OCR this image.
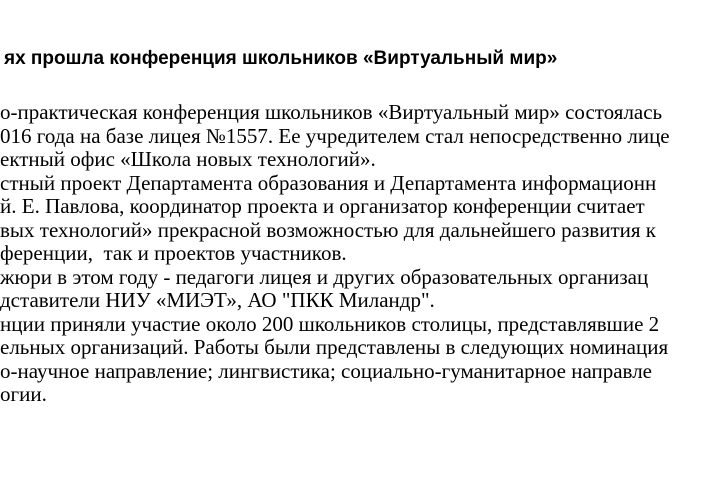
ях прошла конференция школьников «Виртуальный мир»
о-практическая конференция школьников «Виртуальный мир» состоялась
016 года на базе лицея №1557. Ее учредителем стал непосредственно лице
ектный офис «Школа новых технологий».
стный проект Департамента образования и Департамента информационн
й. Е. Павлова, координатор проекта и организатор конференции считает
вых технологий» прекрасной возможностью для дальнейшего развития к
ференции,  так и проектов участников.
жюри в этом году - педагоги лицея и других образовательных организац
дставители НИУ «МИЭТ», АО "ПКК Миландр".
нции приняли участие около 200 школьников столицы, представлявшие 2
ельных организаций. Работы были представлены в следующих номинация
о-научное направление; лингвистика; социально-гуманитарное направле
огии.
